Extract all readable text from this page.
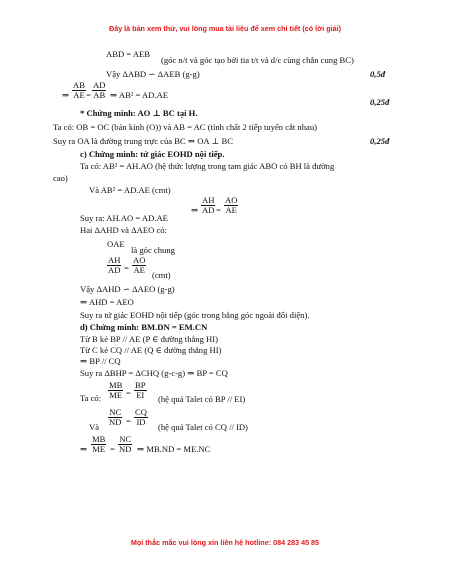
Đây là bản xem thử, vui lòng mua tài liệu để xem chi tiết (có lời giải)
ABD = AEB
(góc n/t và góc tạo bởi tia t/t và d/c cùng chắn cung BC)
Vậy ΔABD ∽ ΔAEB (g-g)	0,5đ
⇒ $\frac{AB}{AE} = \frac{AD}{AB}$ ⇒ AB² = AD.AE
0,25đ
* Chứng minh: AO ⊥ BC tại H.
Ta có: OB = OC (bán kính (O)) và AB = AC (tính chất 2 tiếp tuyến cắt nhau)
Suy ra OA là đường trung trực của BC ⇒ OA ⊥ BC	0,25đ
c) Chứng minh: tứ giác EOHD nội tiếp.
Ta có: AB² = AH.AO (hệ thức lượng trong tam giác ABO có BH là đường
cao)
Và AB² = AD.AE (cmt)
⇒ $\frac{AH}{AD} = \frac{AO}{AE}$
Suy ra: AH.AO = AD.AE
Hai ΔAHD và ΔAEO có:
OAE
là góc chung
$\frac{AH}{AD} = \frac{AO}{AE} (cmt)$
Vậy ΔAHD ∽ ΔAEO (g-g)
⇒ AHD = AEO
Suy ra tứ giác EOHD nội tiếp (góc trong bằng góc ngoài đối diện).
d) Chứng minh: BM.DN = EM.CN
Từ B kẻ BP // AE (P ∈ đường thẳng HI)
Từ C kẻ CQ // AE (Q ∈ đường thẳng HI)
⇒ BP // CQ
Suy ra ΔBHP = ΔCHQ (g-c-g) ⇒ BP = CQ
Ta có: $\frac{MB}{ME} = \frac{BP}{EI}$ (hệ quả Talet có BP // EI)
Và $\frac{NC}{ND} = \frac{CQ}{ID}$ (hệ quả Talet có CQ // ID)
⇒ $\frac{MB}{ME} = \frac{NC}{ND}$ ⇒ MB.ND = ME.NC
Mọi thắc mắc vui lòng xin liên hệ hotline: 084 283 45 85
